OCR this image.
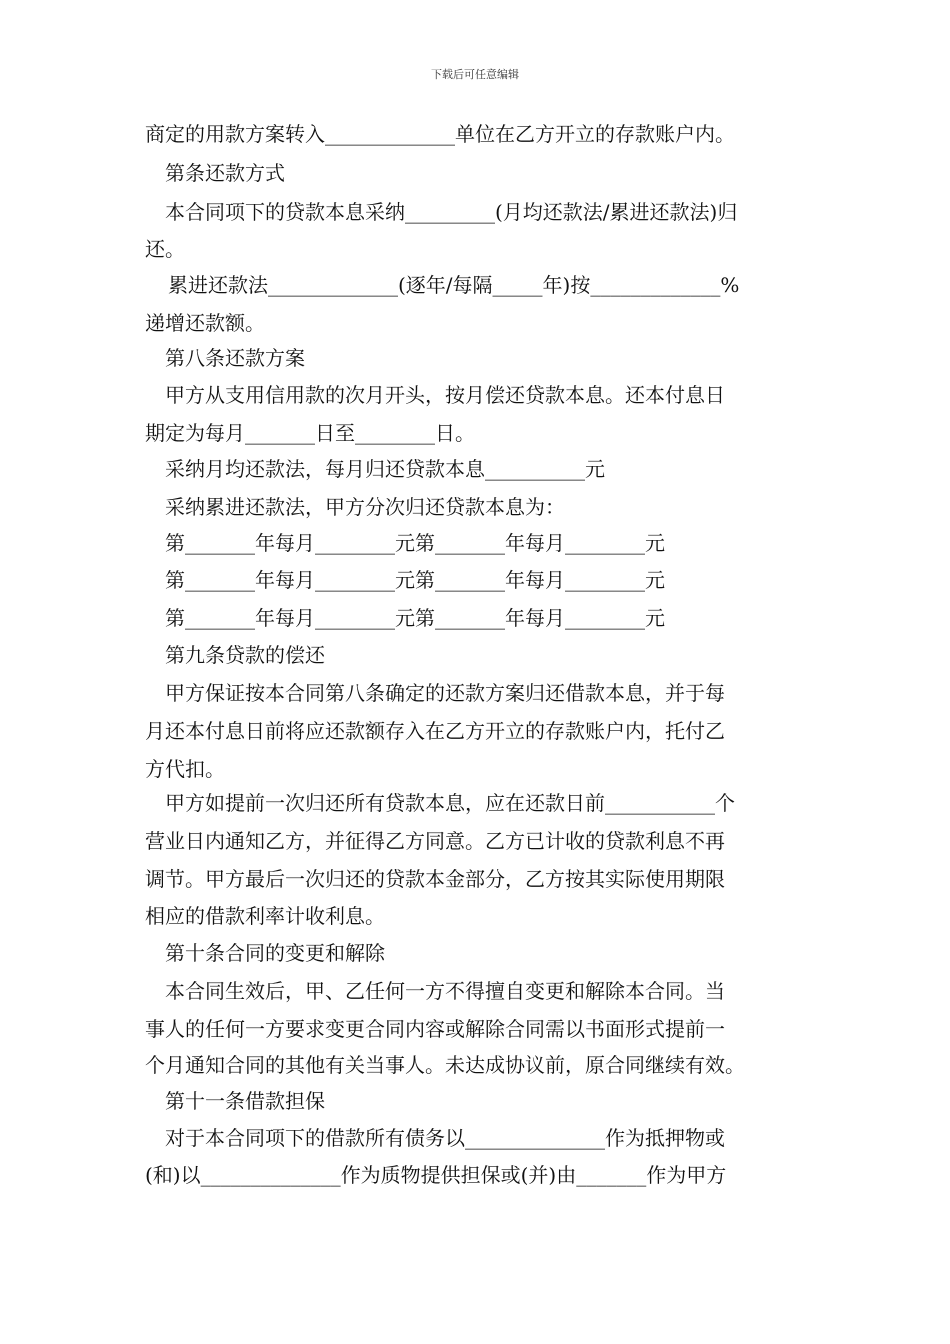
下载后可任意编辑
商定的用款方案转入_____________单位在乙方开立的存款账户内。
第条还款方式
本合同项下的贷款本息采纳_________(月均还款法/累进还款法)归
还。
累进还款法_____________(逐年/每隔_____年)按_____________%
递增还款额。
第八条还款方案
甲方从支用信用款的次月开头，按月偿还贷款本息。还本付息日
期定为每月_______日至________日。
采纳月均还款法，每月归还贷款本息__________元
采纳累进还款法，甲方分次归还贷款本息为：
第_______年每月________元第_______年每月________元
第_______年每月________元第_______年每月________元
第_______年每月________元第_______年每月________元
第九条贷款的偿还
甲方保证按本合同第八条确定的还款方案归还借款本息，并于每
月还本付息日前将应还款额存入在乙方开立的存款账户内，托付乙
方代扣。
甲方如提前一次归还所有贷款本息，应在还款日前___________个
营业日内通知乙方，并征得乙方同意。乙方已计收的贷款利息不再
调节。甲方最后一次归还的贷款本金部分，乙方按其实际使用期限
相应的借款利率计收利息。
第十条合同的变更和解除
本合同生效后，甲、乙任何一方不得擅自变更和解除本合同。当
事人的任何一方要求变更合同内容或解除合同需以书面形式提前一
个月通知合同的其他有关当事人。未达成协议前，原合同继续有效。
第十一条借款担保
对于本合同项下的借款所有债务以______________作为抵押物或
(和)以______________作为质物提供担保或(并)由_______作为甲方
